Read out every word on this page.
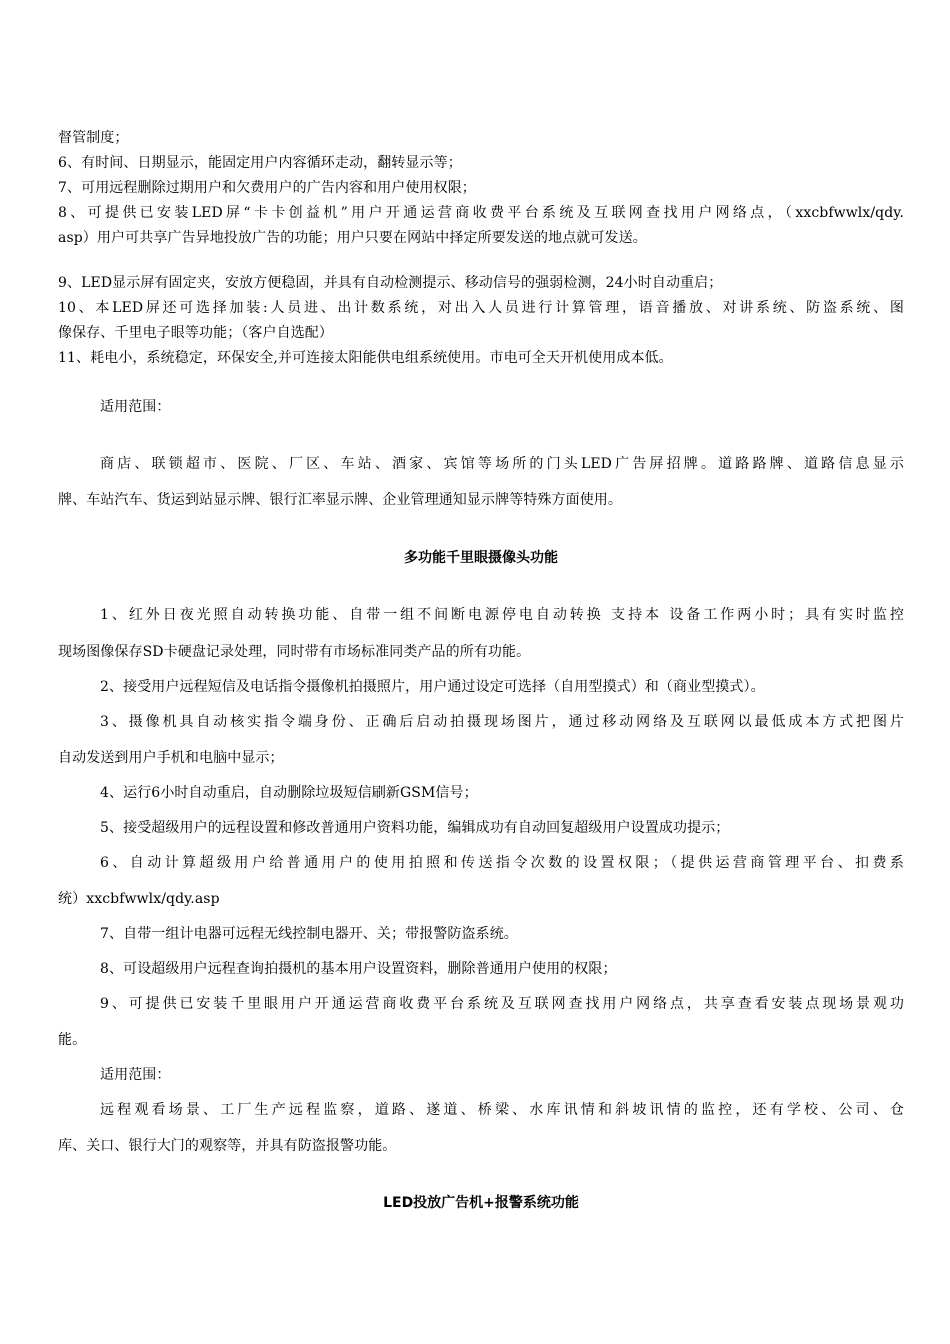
督管制度；
6、有时间、日期显示，能固定用户内容循环走动，翻转显示等；
7、可用远程删除过期用户和欠费用户的广告内容和用户使用权限；
8、可提供已安装LED屏“卡卡创益机”用户开通运营商收费平台系统及互联网查找用户网络点，（xxcbfwwlx/qdy.
asp）用户可共享广告异地投放广告的功能；用户只要在网站中择定所要发送的地点就可发送。
9、LED显示屏有固定夹，安放方便稳固，并具有自动检测提示、移动信号的强弱检测，24小时自动重启；
10、本LED屏还可选择加装:人员进、出计数系统，对出入人员进行计算管理，语音播放、对讲系统、防盗系统、图
像保存、千里电子眼等功能；（客户自选配）
11、耗电小，系统稳定，环保安全,并可连接太阳能供电组系统使用。市电可全天开机使用成本低。
适用范围：
商店、联锁超市、医院、厂区、车站、酒家、宾馆等场所的门头LED广告屏招牌。道路路牌、道路信息显示
牌、车站汽车、货运到站显示牌、银行汇率显示牌、企业管理通知显示牌等特殊方面使用。
多功能千里眼摄像头功能
1、红外日夜光照自动转换功能、自带一组不间断电源停电自动转换 支持本 设备工作两小时；具有实时监控
现场图像保存SD卡硬盘记录处理，同时带有市场标准同类产品的所有功能。
2、接受用户远程短信及电话指令摄像机拍摄照片，用户通过设定可选择（自用型摸式）和（商业型摸式）。
3、摄像机具自动核实指令端身份、正确后启动拍摄现场图片，通过移动网络及互联网以最低成本方式把图片
自动发送到用户手机和电脑中显示；
4、运行6小时自动重启，自动删除垃圾短信刷新GSM信号；
5、接受超级用户的远程设置和修改普通用户资料功能，编辑成功有自动回复超级用户设置成功提示；
6、自动计算超级用户给普通用户的使用拍照和传送指令次数的设置权限；（提供运营商管理平台、扣费系
统）xxcbfwwlx/qdy.asp
7、自带一组计电器可远程无线控制电器开、关；带报警防盗系统。
8、可设超级用户远程查询拍摄机的基本用户设置资料，删除普通用户使用的权限；
9、可提供已安装千里眼用户开通运营商收费平台系统及互联网查找用户网络点，共享查看安装点现场景观功
能。
适用范围：
远程观看场景、工厂生产远程监察，道路、遂道、桥梁、水库讯情和斜坡讯情的监控，还有学校、公司、仓
库、关口、银行大门的观察等，并具有防盗报警功能。
LED投放广告机+报警系统功能
